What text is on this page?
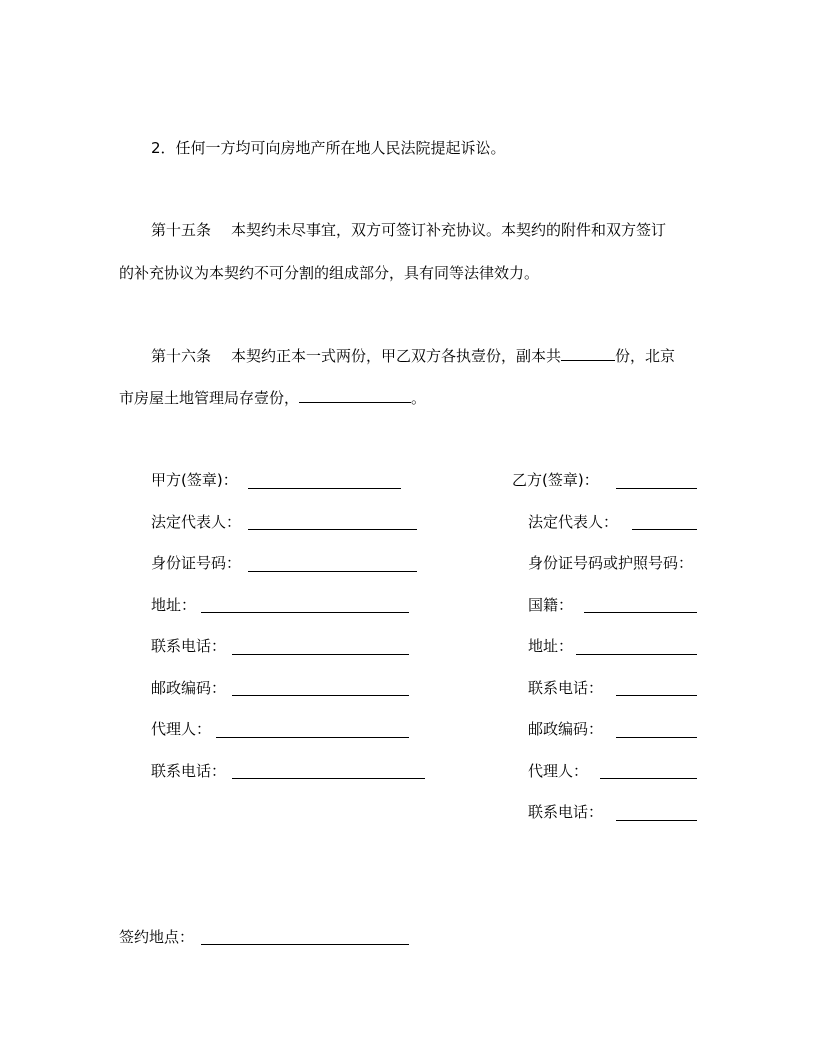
2．任何一方均可向房地产所在地人民法院提起诉讼。
第十五条 本契约未尽事宜，双方可签订补充协议。本契约的附件和双方签订
的补充协议为本契约不可分割的组成部分，具有同等法律效力。
第十六条 本契约正本一式两份，甲乙双方各执壹份，副本共	份，北京
市房屋土地管理局存壹份，	。
甲方(签章)：
法定代表人：
身份证号码：
地址：
联系电话：
邮政编码：
代理人：
联系电话：
乙方(签章)：
法定代表人：
身份证号码或护照号码：
国籍：
地址：
联系电话：
邮政编码：
代理人：
联系电话：
签约地点：
